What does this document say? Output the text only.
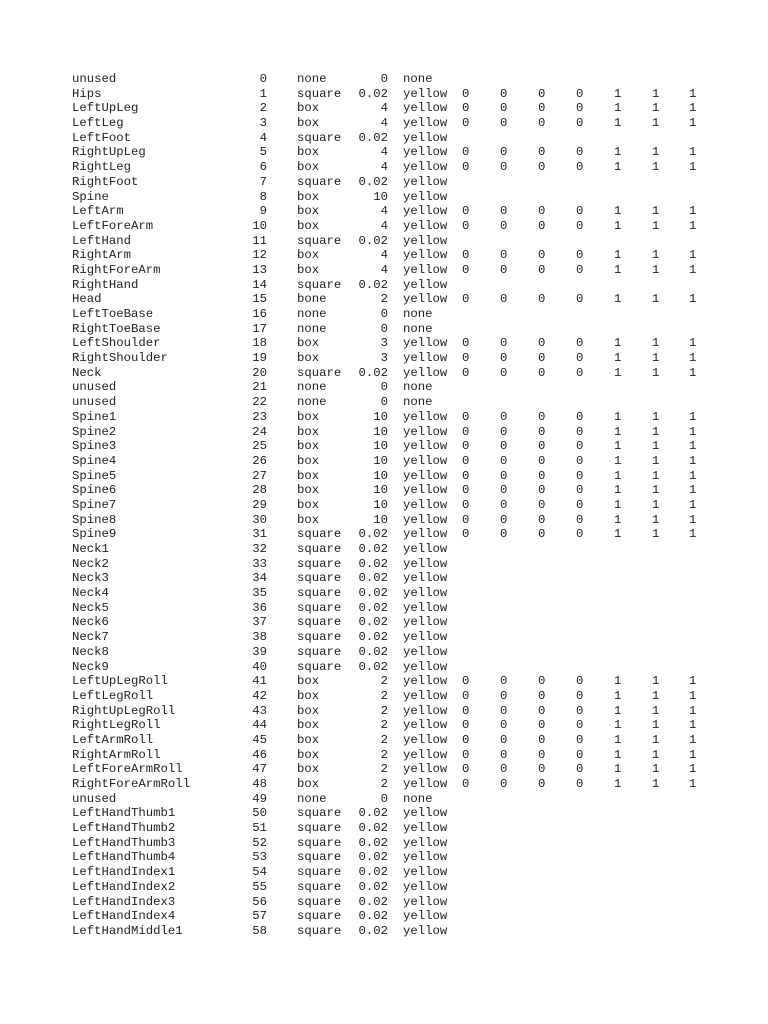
unused	0 none	0 none
Hips	1 square	0.02 yellow 0 0 0 0 1 1 1
LeftUpLeg	2 box	4 yellow 0 0 0 0 1 1 1
LeftLeg	3 box	4 yellow 0 0 0 0 1 1 1
LeftFoot	4 square	0.02 yellow
RightUpLeg	5 box	4 yellow 0 0 0 0 1 1 1
RightLeg	6 box	4 yellow 0 0 0 0 1 1 1
RightFoot	7 square	0.02 yellow
Spine	8 box	10 yellow
LeftArm	9 box	4 yellow 0 0 0 0 1 1 1
LeftForeArm	10 box	4 yellow 0 0 0 0 1 1 1
LeftHand	11 square	0.02 yellow
RightArm	12 box	4 yellow 0 0 0 0 1 1 1
RightForeArm	13 box	4 yellow 0 0 0 0 1 1 1
RightHand	14 square	0.02 yellow
Head	15 bone	2 yellow 0 0 0 0 1 1 1
LeftToeBase	16 none	0 none
RightToeBase	17 none	0 none
LeftShoulder	18 box	3 yellow 0 0 0 0 1 1 1
RightShoulder	19 box	3 yellow 0 0 0 0 1 1 1
Neck	20 square	0.02 yellow 0 0 0 0 1 1 1
unused	21 none	0 none
unused	22 none	0 none
Spine1	23 box	10 yellow 0 0 0 0 1 1 1
Spine2	24 box	10 yellow 0 0 0 0 1 1 1
Spine3	25 box	10 yellow 0 0 0 0 1 1 1
Spine4	26 box	10 yellow 0 0 0 0 1 1 1
Spine5	27 box	10 yellow 0 0 0 0 1 1 1
Spine6	28 box	10 yellow 0 0 0 0 1 1 1
Spine7	29 box	10 yellow 0 0 0 0 1 1 1
Spine8	30 box	10 yellow 0 0 0 0 1 1 1
Spine9	31 square	0.02 yellow 0 0 0 0 1 1 1
Neck1	32 square	0.02 yellow
Neck2	33 square	0.02 yellow
Neck3	34 square	0.02 yellow
Neck4	35 square	0.02 yellow
Neck5	36 square	0.02 yellow
Neck6	37 square	0.02 yellow
Neck7	38 square	0.02 yellow
Neck8	39 square	0.02 yellow
Neck9	40 square	0.02 yellow
LeftUpLegRoll	41 box	2 yellow 0 0 0 0 1 1 1
LeftLegRoll	42 box	2 yellow 0 0 0 0 1 1 1
RightUpLegRoll	43 box	2 yellow 0 0 0 0 1 1 1
RightLegRoll	44 box	2 yellow 0 0 0 0 1 1 1
LeftArmRoll	45 box	2 yellow 0 0 0 0 1 1 1
RightArmRoll	46 box	2 yellow 0 0 0 0 1 1 1
LeftForeArmRoll	47 box	2 yellow 0 0 0 0 1 1 1
RightForeArmRoll	48 box	2 yellow 0 0 0 0 1 1 1
unused	49 none	0 none
LeftHandThumb1	50 square	0.02 yellow
LeftHandThumb2	51 square	0.02 yellow
LeftHandThumb3	52 square	0.02 yellow
LeftHandThumb4	53 square	0.02 yellow
LeftHandIndex1	54 square	0.02 yellow
LeftHandIndex2	55 square	0.02 yellow
LeftHandIndex3	56 square	0.02 yellow
LeftHandIndex4	57 square	0.02 yellow
LeftHandMiddle1	58 square	0.02 yellow
